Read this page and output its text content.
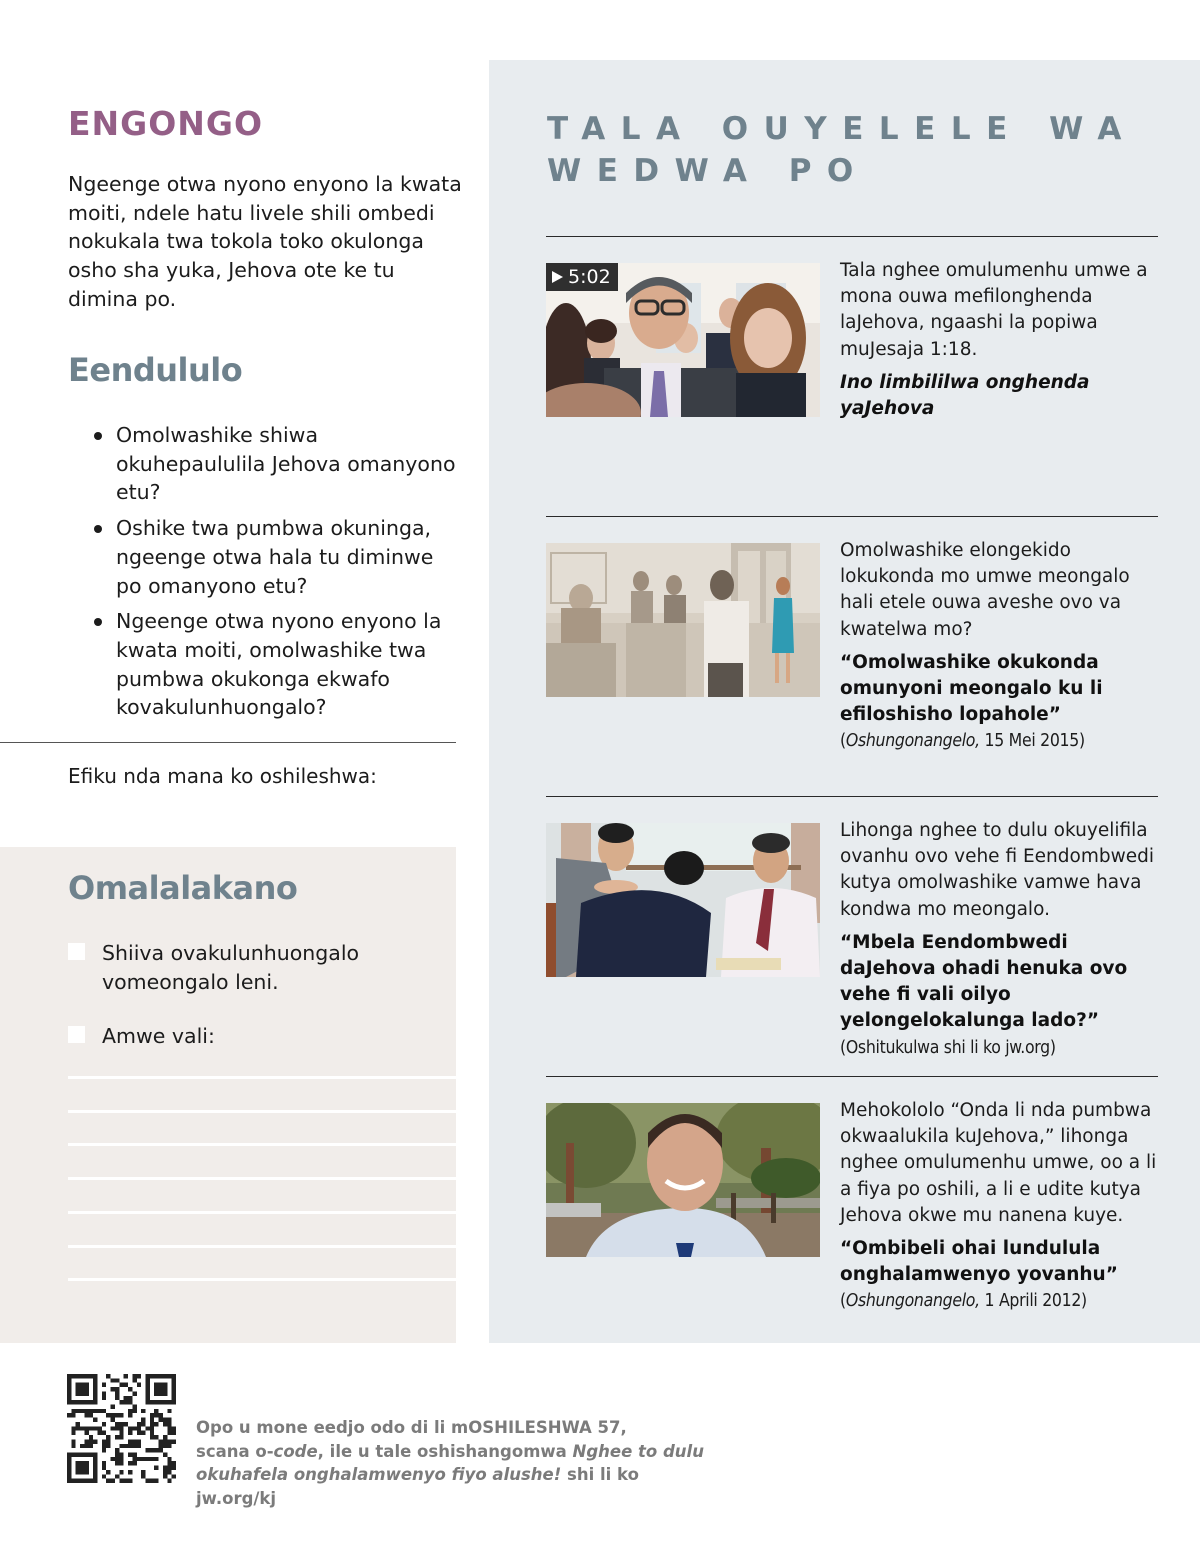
ENGONGO

Ngeenge otwa nyono enyono la kwata moiti, ndele hatu livele shili ombedi nokukala twa tokola toko okulonga osho sha yuka, Jehova ote ke tu dimina po.

Eendululo
Omolwashike shiwa okuhepaululila Jehova omanyono etu?
Oshike twa pumbwa okuninga, ngeenge otwa hala tu diminwe po omanyono etu?
Ngeenge otwa nyono enyono la kwata moiti, omolwashike twa pumbwa okukonga ekwafo kovakulunhuongalo?
Efiku nda mana ko oshileshwa:
Omalalakano
Shiiva ovakulunhuongalo vomeongalo leni.
Amwe vali:
TALA OUYELELE WA WEDWA PO
5:02	Tala nghee omulumenhu umwe a mona ouwa mefilonghenda laJehova, ngaashi la popiwa muJesaja 1:18.

Ino limbililwa onghenda yaJehova

Omolwashike elongekido lokukonda mo umwe meongalo hali etele ouwa aveshe ovo va kwatelwa mo?

“Omolwashike okukonda omunyoni meongalo ku li efiloshisho lopahole”

(Oshungonangelo, 15 Mei 2015)

Lihonga nghee to dulu okuyelifila ovanhu ovo vehe fi Eendombwedi kutya omolwashike vamwe hava kondwa mo meongalo.

“Mbela Eendombwedi daJehova ohadi henuka ovo vehe fi vali oilyo yelongelokalunga lado?”

(Oshitukulwa shi li ko jw.org)

Mehokololo “Onda li nda pumbwa okwaalukila kuJehova,” lihonga nghee omulumenhu umwe, oo a li a fiya po oshili, a li e udite kutya Jehova okwe mu nanena kuye.

“Ombibeli ohai lundulula onghalamwenyo yovanhu”

(Oshungonangelo, 1 Aprili 2012)

Opo u mone eedjo odo di li mOSHILESHWA 57,
scana o-code, ile u tale oshishangomwa Nghee to dulu
okuhafela onghalamwenyo fiyo alushe! shi li ko jw.org/kj
